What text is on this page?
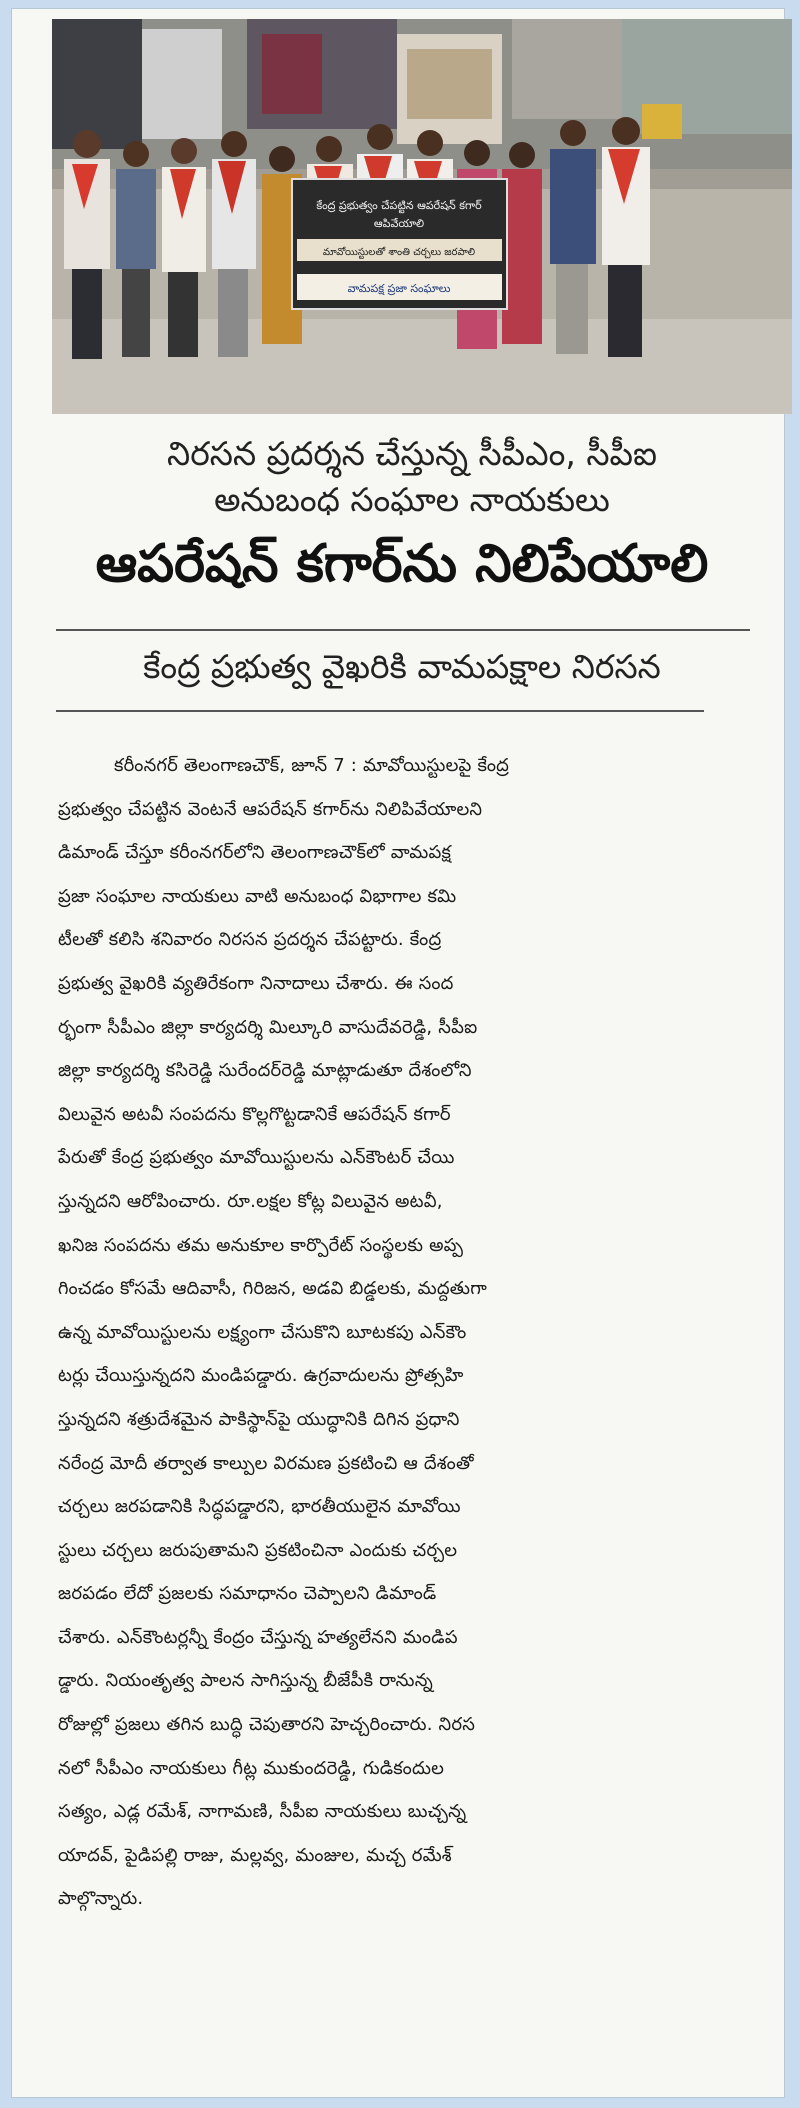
కేంద్ర ప్రభుత్వం చేపట్టిన ఆపరేషన్ కగార్
ఆపివేయాలి
మావోయిస్టులతో శాంతి చర్చలు జరపాలి
వామపక్ష ప్రజా సంఘాలు
నిరసన ప్రదర్శన చేస్తున్న సీపీఎం, సీపీఐ
అనుబంధ సంఘాల నాయకులు
ఆపరేషన్ కగార్‌ను నిలిపేయాలి
కేంద్ర ప్రభుత్వ వైఖరికి వామపక్షాల నిరసన

కరీంనగర్ తెలంగాణచౌక్, జూన్ 7 : మావోయిస్టులపై కేంద్ర

ప్రభుత్వం చేపట్టిన వెంటనే ఆపరేషన్ కగార్‌ను నిలిపివేయాలని

డిమాండ్ చేస్తూ కరీంనగర్‌లోని తెలంగాణచౌక్‌లో వామపక్ష

ప్రజా సంఘాల నాయకులు వాటి అనుబంధ విభాగాల కమి

టీలతో కలిసి శనివారం నిరసన ప్రదర్శన చేపట్టారు. కేంద్ర

ప్రభుత్వ వైఖరికి వ్యతిరేకంగా నినాదాలు చేశారు. ఈ సంద

ర్భంగా సీపీఎం జిల్లా కార్యదర్శి మిల్కూరి వాసుదేవరెడ్డి, సీపీఐ

జిల్లా కార్యదర్శి కసిరెడ్డి సురేందర్‌రెడ్డి మాట్లాడుతూ దేశంలోని

విలువైన అటవీ సంపదను కొల్లగొట్టడానికే ఆపరేషన్ కగార్

పేరుతో కేంద్ర ప్రభుత్వం మావోయిస్టులను ఎన్‌కౌంటర్ చేయి

స్తున్నదని ఆరోపించారు. రూ.లక్షల కోట్ల విలువైన అటవీ,

ఖనిజ సంపదను తమ అనుకూల కార్పొరేట్ సంస్థలకు అప్ప

గించడం కోసమే ఆదివాసీ, గిరిజన, అడవి బిడ్డలకు, మద్దతుగా

ఉన్న మావోయిస్టులను లక్ష్యంగా చేసుకొని బూటకపు ఎన్‌కౌం

టర్లు చేయిస్తున్నదని మండిపడ్డారు. ఉగ్రవాదులను ప్రోత్సహి

స్తున్నదని శత్రుదేశమైన పాకిస్థాన్‌పై యుద్ధానికి దిగిన ప్రధాని

నరేంద్ర మోదీ తర్వాత కాల్పుల విరమణ ప్రకటించి ఆ దేశంతో

చర్చలు జరపడానికి సిద్ధపడ్డారని, భారతీయులైన మావోయి

స్టులు చర్చలు జరుపుతామని ప్రకటించినా ఎందుకు చర్చల

జరపడం లేదో ప్రజలకు సమాధానం చెప్పాలని డిమాండ్

చేశారు. ఎన్‌కౌంటర్లన్నీ కేంద్రం చేస్తున్న హత్యలేనని మండిప

డ్డారు. నియంతృత్వ పాలన సాగిస్తున్న బీజేపీకి రానున్న

రోజుల్లో ప్రజలు తగిన బుద్ధి చెపుతారని హెచ్చరించారు. నిరస

నలో సీపీఎం నాయకులు గీట్ల ముకుందరెడ్డి, గుడికందుల

సత్యం, ఎడ్ల రమేశ్, నాగామణి, సీపీఐ నాయకులు బుచ్చన్న

యాదవ్, పైడిపల్లి రాజు, మల్లవ్వ, మంజుల, మచ్చ రమేశ్

పాల్గొన్నారు.
